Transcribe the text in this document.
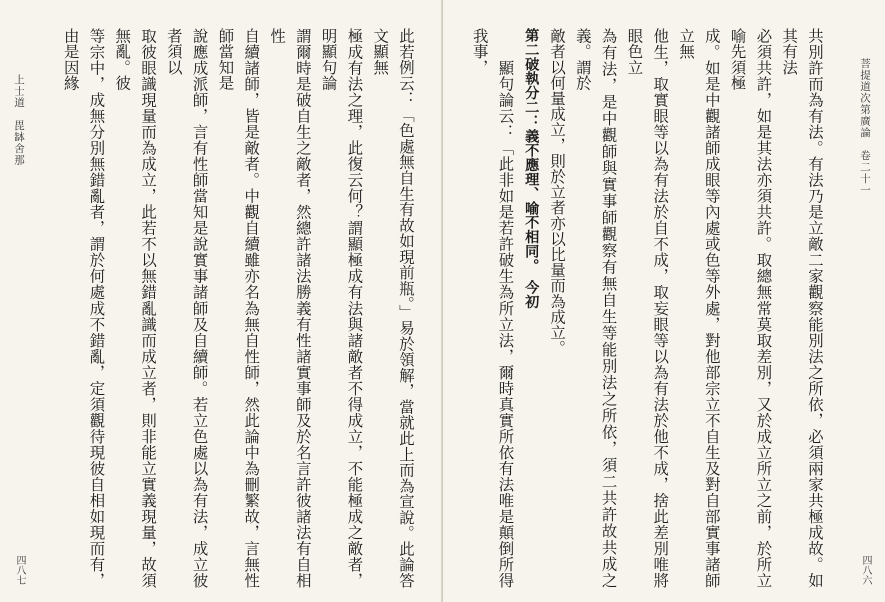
上士道　毘缽舍那
四八七	此若例云：「色處無自生有故如現前瓶。」易於領解，當就此上而為宣說。此論答文顯無
極成有法之理，此復云何？謂顯極成有法與諸敵者不得成立，不能極成之敵者，明顯句論
謂爾時是破自生之敵者，然總許諸法勝義有性諸實事師及於名言許彼諸法有自相性
自續諸師，皆是敵者。中觀自續雖亦名為無自性師，然此論中為刪繁故，言無性師當知是
說應成派師，言有性師當知是說實事諸師及自續師。若立色處以為有法，成立彼者須以
取彼眼識現量而為成立，此若不以無錯亂識而成立者，則非能立實義現量，故須無亂。彼
等宗中，成無分別無錯亂者，謂於何處成不錯亂，定須觀待現彼自相如現而有，由是因緣	菩提道次第廣論　卷二十一
四八六
共別許而為有法。有法乃是立敵二家觀察能別法之所依，必須兩家共極成故。如其有法
必須共許，如是其法亦須共許。取總無常莫取差別，又於成立所立之前，於所立喻先須極
成。如是中觀諸師成眼等內處或色等外處，對他部宗立不自生及對自部實事諸師立無
他生，取實眼等以為有法於自不成，取妄眼等以為有法於他不成，捨此差別唯將眼色立
為有法，是中觀師與實事師觀察有無自生等能別法之所依，須二共許故共成之義。謂於
敵者以何量成立，則於立者亦以比量而為成立。
第二破執分二：義不應理、喻不相同。　今初
　　顯句論云：「此非如是若許破生為所立法，爾時真實所依有法唯是顛倒所得我事，
